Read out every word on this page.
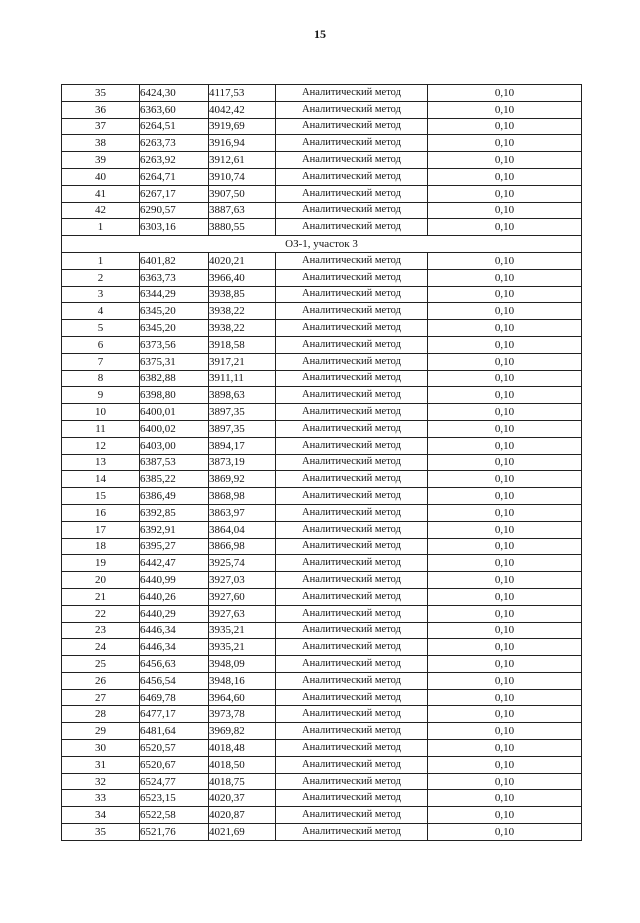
15
35	6424,30	4117,53	Аналитический метод	0,10
36	6363,60	4042,42	Аналитический метод	0,10
37	6264,51	3919,69	Аналитический метод	0,10
38	6263,73	3916,94	Аналитический метод	0,10
39	6263,92	3912,61	Аналитический метод	0,10
40	6264,71	3910,74	Аналитический метод	0,10
41	6267,17	3907,50	Аналитический метод	0,10
42	6290,57	3887,63	Аналитический метод	0,10
1	6303,16	3880,55	Аналитический метод	0,10
ОЗ-1, участок 3				
1	6401,82	4020,21	Аналитический метод	0,10
2	6363,73	3966,40	Аналитический метод	0,10
3	6344,29	3938,85	Аналитический метод	0,10
4	6345,20	3938,22	Аналитический метод	0,10
5	6345,20	3938,22	Аналитический метод	0,10
6	6373,56	3918,58	Аналитический метод	0,10
7	6375,31	3917,21	Аналитический метод	0,10
8	6382,88	3911,11	Аналитический метод	0,10
9	6398,80	3898,63	Аналитический метод	0,10
10	6400,01	3897,35	Аналитический метод	0,10
11	6400,02	3897,35	Аналитический метод	0,10
12	6403,00	3894,17	Аналитический метод	0,10
13	6387,53	3873,19	Аналитический метод	0,10
14	6385,22	3869,92	Аналитический метод	0,10
15	6386,49	3868,98	Аналитический метод	0,10
16	6392,85	3863,97	Аналитический метод	0,10
17	6392,91	3864,04	Аналитический метод	0,10
18	6395,27	3866,98	Аналитический метод	0,10
19	6442,47	3925,74	Аналитический метод	0,10
20	6440,99	3927,03	Аналитический метод	0,10
21	6440,26	3927,60	Аналитический метод	0,10
22	6440,29	3927,63	Аналитический метод	0,10
23	6446,34	3935,21	Аналитический метод	0,10
24	6446,34	3935,21	Аналитический метод	0,10
25	6456,63	3948,09	Аналитический метод	0,10
26	6456,54	3948,16	Аналитический метод	0,10
27	6469,78	3964,60	Аналитический метод	0,10
28	6477,17	3973,78	Аналитический метод	0,10
29	6481,64	3969,82	Аналитический метод	0,10
30	6520,57	4018,48	Аналитический метод	0,10
31	6520,67	4018,50	Аналитический метод	0,10
32	6524,77	4018,75	Аналитический метод	0,10
33	6523,15	4020,37	Аналитический метод	0,10
34	6522,58	4020,87	Аналитический метод	0,10
35	6521,76	4021,69	Аналитический метод	0,10
